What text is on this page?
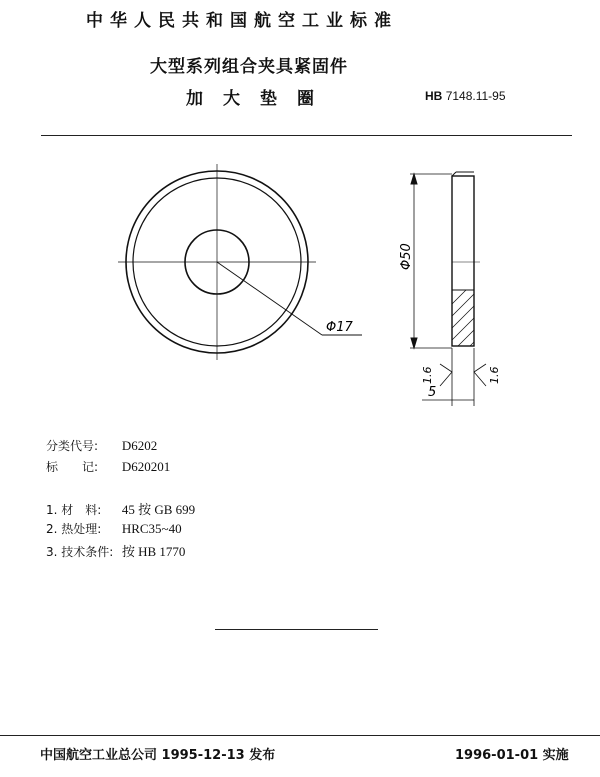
中华人民共和国航空工业标准
大型系列组合夹具紧固件
加大垫圈	HB 7148.11-95
Φ17
Φ50
1.6	1.6
5
分类代号: D6202
标　　记: D620201
1. 材　料: 45 按 GB 699
2. 热处理: HRC35~40
3. 技术条件: 按 HB 1770
中国航空工业总公司 1995-12-13 发布	1996-01-01 实施
